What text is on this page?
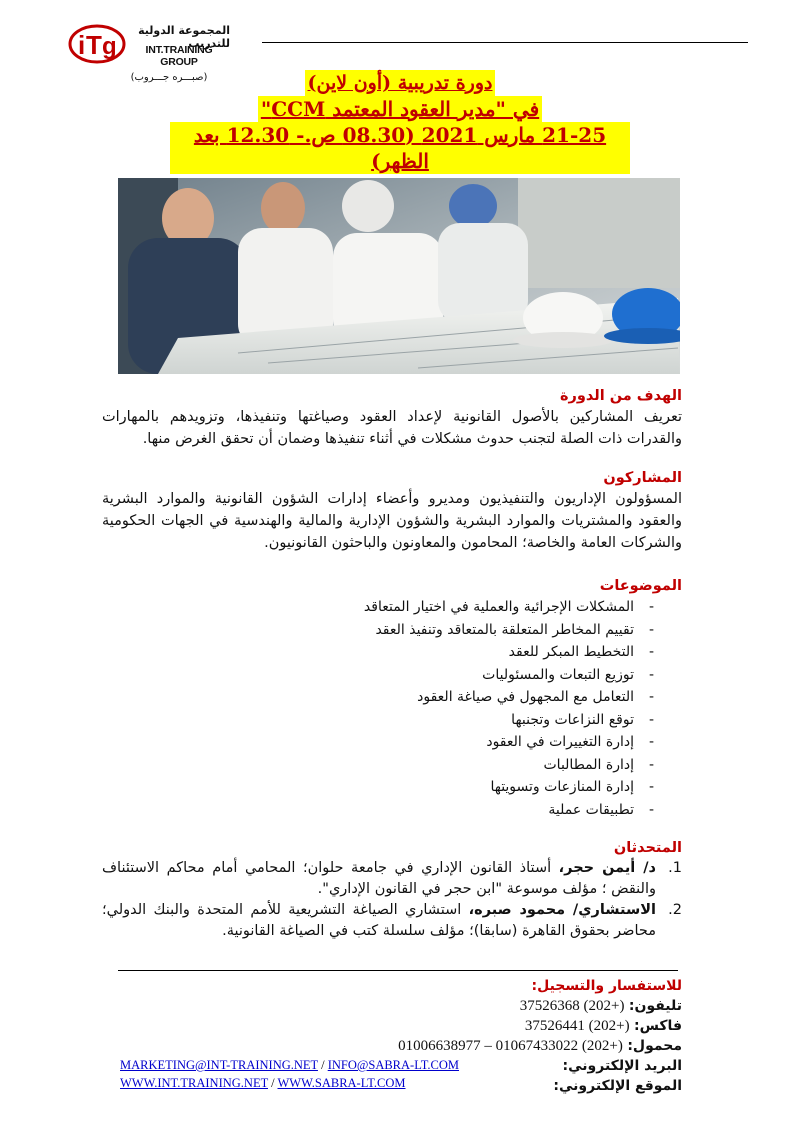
i T g
المجموعة الدولية للتدريب
INT.TRAINING GROUP
(صبـــره جـــروب)	دورة تدريبية (أون لاين)
في "مدير العقود المعتمد CCM"
21-25 مارس 2021 (08.30 ص.- 12.30 بعد الظهر)
الهدف من الدورة
تعريف المشاركين بالأصول القانونية لإعداد العقود وصياغتها وتنفيذها، وتزويدهم بالمهارات والقدرات ذات الصلة لتجنب حدوث مشكلات في أثناء تنفيذها وضمان أن تحقق الغرض منها.
المشاركون
المسؤولون الإداريون والتنفيذيون ومديرو وأعضاء إدارات الشؤون القانونية والموارد البشرية والعقود والمشتريات والموارد البشرية والشؤون الإدارية والمالية والهندسية في الجهات الحكومية والشركات العامة والخاصة؛ المحامون والمعاونون والباحثون القانونيون.
الموضوعات
-
المشكلات الإجرائية والعملية في اختيار المتعاقد
-
تقييم المخاطر المتعلقة بالمتعاقد وتنفيذ العقد
-
التخطيط المبكر للعقد
-
توزيع التبعات والمسئوليات
-
التعامل مع المجهول في صياغة العقود
-
توقع النزاعات وتجنبها
-
إدارة التغييرات في العقود
-
إدارة المطالبات
-
إدارة المنازعات وتسويتها
-
تطبيقات عملية
المتحدثان
1.
د/ أيمن حجر، أستاذ القانون الإداري في جامعة حلوان؛ المحامي أمام محاكم الاستئناف والنقض ؛ مؤلف موسوعة "ابن حجر في القانون الإداري".
2.
الاستشاري/ محمود صبره، استشاري الصياغة التشريعية للأمم المتحدة والبنك الدولي؛ محاضر بحقوق القاهرة (سابقا)؛ مؤلف سلسلة كتب في الصياغة القانونية.
للاستفسار والتسجيل:
تليفون: 37526368 (202+)
فاكس: 37526441 (202+)
محمول: 01006638977 – 01067433022 (202+)
البريد الإلكتروني:
الموقع الإلكتروني:
MARKETING@INT-TRAINING.NET / INFO@SABRA-LT.COM
WWW.INT.TRAINING.NET / WWW.SABRA-LT.COM
